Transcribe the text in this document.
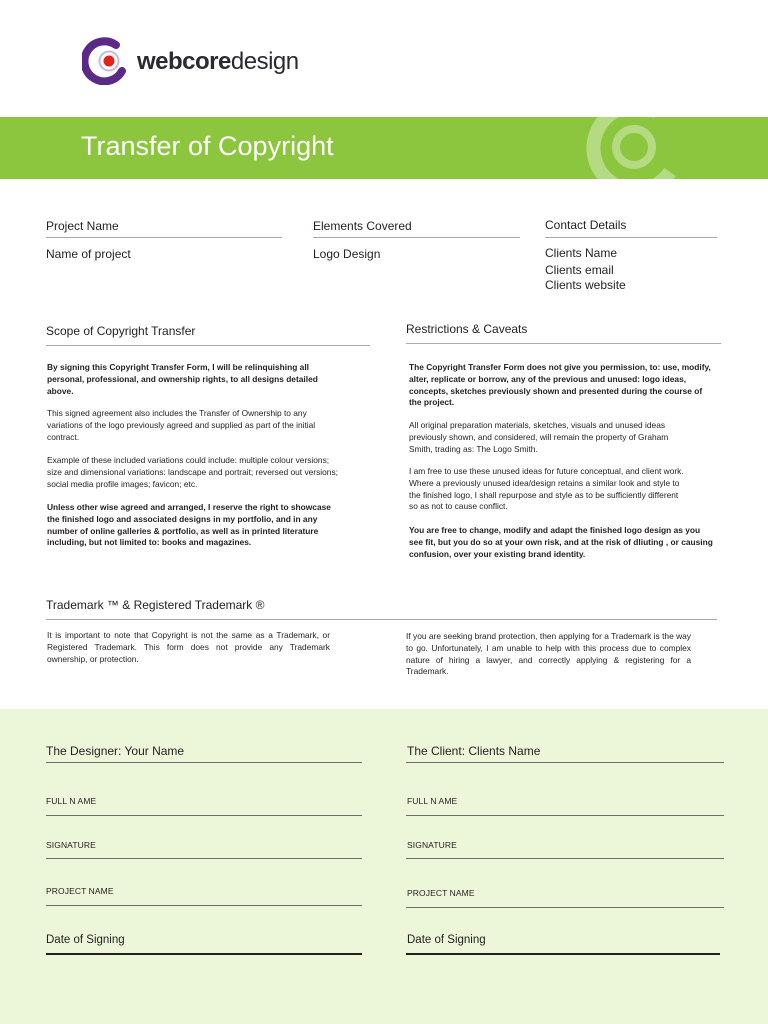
webcoredesign
Transfer of Copyright
Project Name
Name of project
Elements Covered
Logo Design
Contact Details
Clients Name
Clients email
Clients website
Scope of Copyright Transfer	Restrictions & Caveats

By signing this Copyright Transfer Form, I will be relinquishing all personal, professional, and ownership rights, to all designs detailed above.

This signed agreement also includes the Transfer of Ownership to any variations of the logo previously agreed and supplied as part of the initial contract.

Example of these included variations could include: multiple colour versions; size and dimensional variations: landscape and portrait; reversed out versions; social media profile images; favicon; etc.

Unless other wise agreed and arranged, I reserve the right to showcase the finished logo and associated designs in my portfolio, and in any number of online galleries & portfolio, as well as in printed literature including, but not limited to: books and magazines.

The Copyright Transfer Form does not give you permission, to: use, modify, alter, replicate or borrow, any of the previous and unused: logo ideas, concepts, sketches previously shown and presented during the course of the project.

All original preparation materials, sketches, visuals and unused ideas previously shown, and considered, will remain the property of Graham Smith, trading as: The Logo Smith.

I am free to use these unused ideas for future conceptual, and client work. Where a previously unused idea/design retains a similar look and style to the finished logo, I shall repurpose and style as to be sufficiently different so as not to cause conflict.

You are free to change, modify and adapt the finished logo design as you see fit, but you do so at your own risk, and at the risk of dliuting , or causing confusion, over your existing brand identity.

Trademark ™ & Registered Trademark ®

It is important to note that Copyright is not the same as a Trademark, or Registered Trademark. This form does not provide any Trademark ownership, or protection.

If you are seeking brand protection, then applying for a Trademark is the way to go. Unfortunately, I am unable to help with this process due to complex nature of hiring a lawyer, and correctly applying & registering for a Trademark.

The Designer: Your Name
FULL N AME
SIGNATURE
PROJECT NAME
Date of Signing
The Client: Clients Name
FULL N AME
SIGNATURE
PROJECT NAME
Date of Signing
